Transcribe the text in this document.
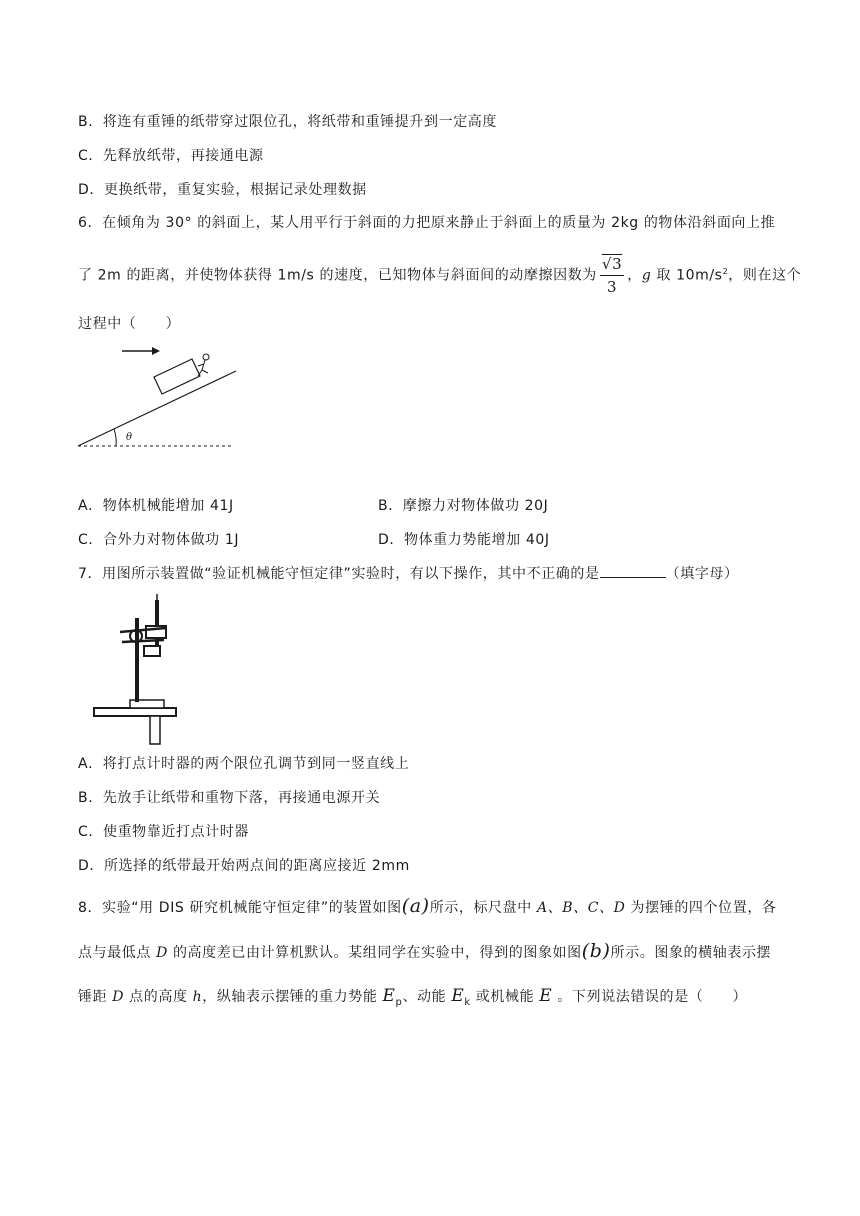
B．将连有重锤的纸带穿过限位孔，将纸带和重锤提升到一定高度
C．先释放纸带，再接通电源
D．更换纸带，重复实验，根据记录处理数据
6．在倾角为 30° 的斜面上，某人用平行于斜面的力把原来静止于斜面上的质量为 2kg 的物体沿斜面向上推
了 2m 的距离，并使物体获得 1m/s 的速度，已知物体与斜面间的动摩擦因数为 $\frac{√3}{3}$ ，g 取 $10m/s^2$，则在这个
过程中（　　）
θ
A．物体机械能增加 41J	B．摩擦力对物体做功 20J
C．合外力对物体做功 1J	D．物体重力势能增加 40J
7．用图所示装置做“验证机械能守恒定律”实验时，有以下操作，其中不正确的是	（填字母）
A．将打点计时器的两个限位孔调节到同一竖直线上
B．先放手让纸带和重物下落，再接通电源开关
C．使重物靠近打点计时器
D．所选择的纸带最开始两点间的距离应接近 2mm
8．实验“用 DIS 研究机械能守恒定律”的装置如图(a)所示，标尺盘中 A、B、C、D 为摆锤的四个位置，各
点与最低点 D 的高度差已由计算机默认。某组同学在实验中，得到的图象如图(b)所示。图象的横轴表示摆
锤距 D 点的高度 h，纵轴表示摆锤的重力势能 $E_p$、动能 $E_k$ 或机械能 E 。下列说法错误的是（　　）
